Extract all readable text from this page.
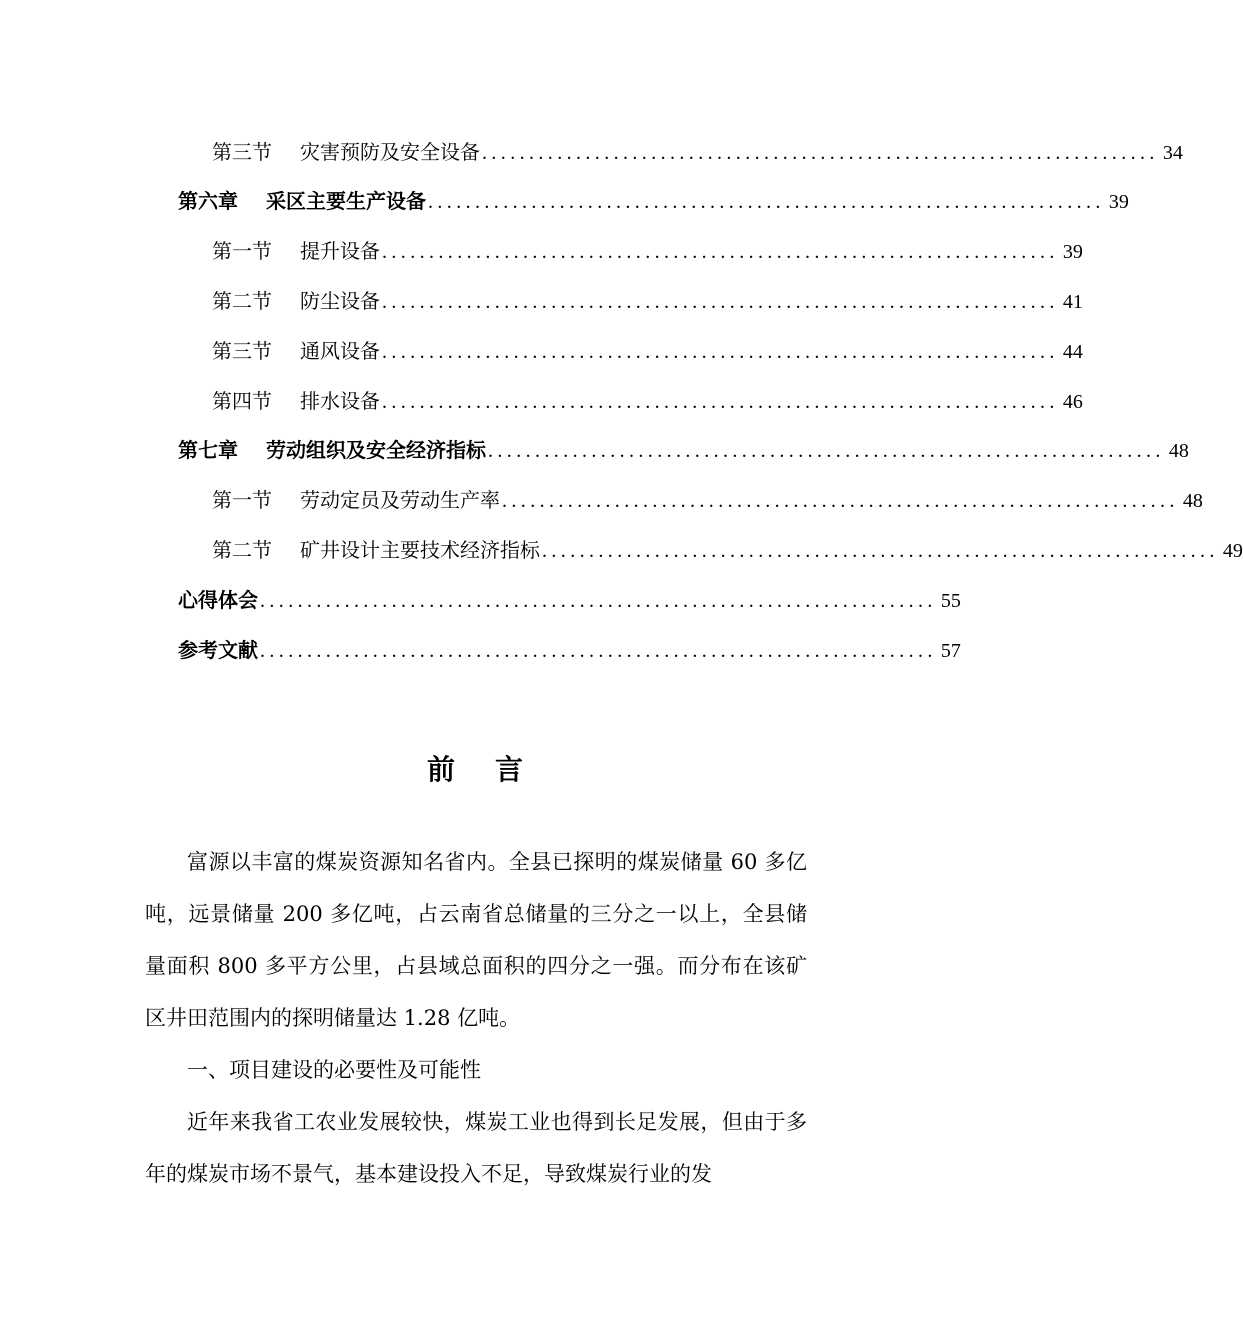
第三节 灾害预防及安全设备 ........................................................................ 34
第六章 采区主要生产设备 ........................................................................ 39
第一节 提升设备 ........................................................................ 39
第二节 防尘设备 ........................................................................ 41
第三节 通风设备 ........................................................................ 44
第四节 排水设备 ........................................................................ 46
第七章 劳动组织及安全经济指标 ........................................................................ 48
第一节 劳动定员及劳动生产率 ........................................................................ 48
第二节 矿井设计主要技术经济指标 ........................................................................ 49
心得体会 ........................................................................ 55
参考文献 ........................................................................ 57
前言

富源以丰富的煤炭资源知名省内。全县已探明的煤炭储量 60 多亿吨，远景储量 200 多亿吨，占云南省总储量的三分之一以上，全县储量面积 800 多平方公里，占县域总面积的四分之一强。而分布在该矿区井田范围内的探明储量达 1.28 亿吨。

一、项目建设的必要性及可能性

近年来我省工农业发展较快，煤炭工业也得到长足发展，但由于多年的煤炭市场不景气，基本建设投入不足，导致煤炭行业的发
